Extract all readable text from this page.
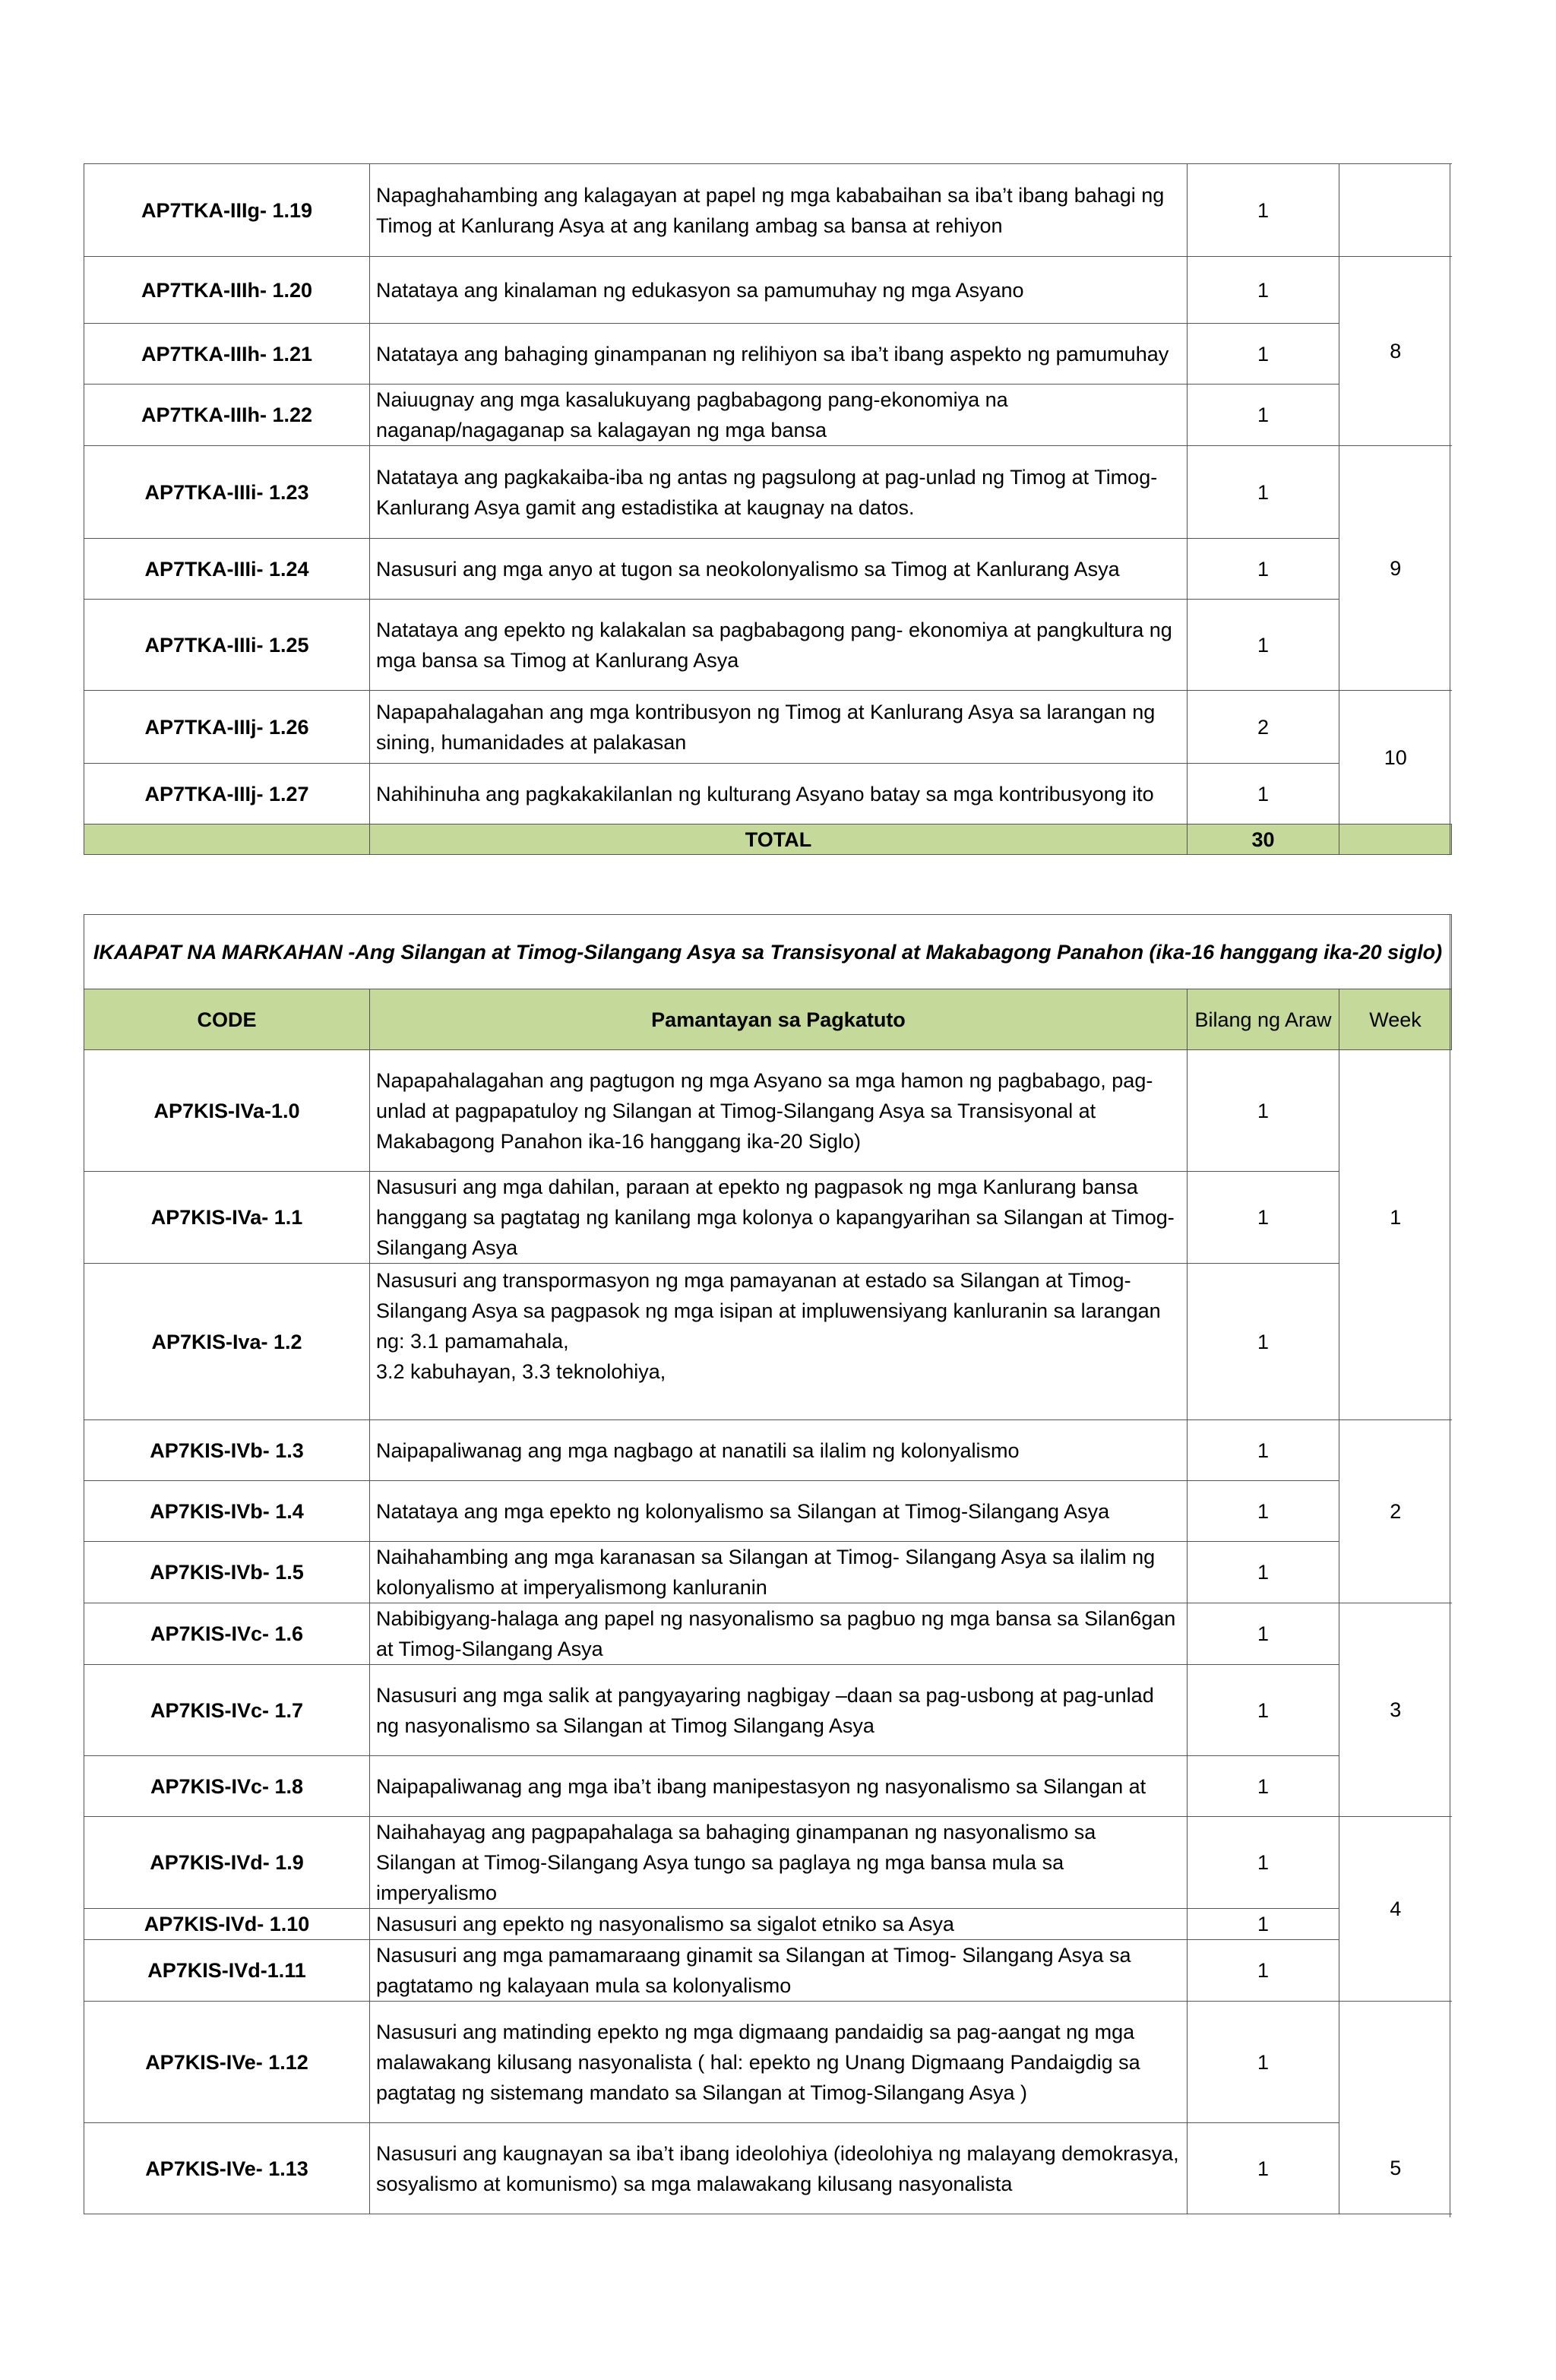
AP7TKA-IIIg- 1.19	Napaghahambing ang kalagayan at papel ng mga kababaihan sa iba’t ibang bahagi ng Timog at Kanlurang Asya at ang kanilang ambag sa bansa at rehiyon	1	
AP7TKA-IIIh- 1.20	Natataya ang kinalaman ng edukasyon sa pamumuhay ng mga Asyano	1	8
AP7TKA-IIIh- 1.21	Natataya ang bahaging ginampanan ng relihiyon sa iba’t ibang aspekto ng pamumuhay	1	
AP7TKA-IIIh- 1.22	Naiuugnay ang mga kasalukuyang pagbabagong pang-ekonomiya na naganap/nagaganap sa kalagayan ng mga bansa	1	
AP7TKA-IIIi- 1.23	Natataya ang pagkakaiba-iba ng antas ng pagsulong at pag-unlad ng Timog at Timog-Kanlurang Asya gamit ang estadistika at kaugnay na datos.	1	9
AP7TKA-IIIi- 1.24	Nasusuri ang mga anyo at tugon sa neokolonyalismo sa Timog at Kanlurang Asya	1	
AP7TKA-IIIi- 1.25	Natataya ang epekto ng kalakalan sa pagbabagong pang- ekonomiya at pangkultura ng mga bansa sa Timog at Kanlurang Asya	1	
AP7TKA-IIIj- 1.26	Napapahalagahan ang mga kontribusyon ng Timog at Kanlurang Asya sa larangan ng sining, humanidades at palakasan	2	10
AP7TKA-IIIj- 1.27	Nahihinuha ang pagkakakilanlan ng kulturang Asyano batay sa mga kontribusyong ito	1	
	TOTAL	30	
IKAAPAT NA MARKAHAN -Ang Silangan at Timog-Silangang Asya sa Transisyonal at Makabagong Panahon (ika-16 hanggang ika-20 siglo)			
CODE	Pamantayan sa Pagkatuto	Bilang ng Araw	Week
AP7KIS-IVa-1.0	Napapahalagahan ang pagtugon ng mga Asyano sa mga hamon ng pagbabago, pag-unlad at pagpapatuloy ng Silangan at Timog-Silangang Asya sa Transisyonal at Makabagong Panahon ika-16 hanggang ika-20 Siglo)	1	
AP7KIS-IVa- 1.1	Nasusuri ang mga dahilan, paraan at epekto ng pagpasok ng mga Kanlurang bansa hanggang sa pagtatag ng kanilang mga kolonya o kapangyarihan sa Silangan at Timog-Silangang Asya	1	1
AP7KIS-Iva- 1.2	Nasusuri ang transpormasyon ng mga pamayanan at estado sa Silangan at Timog-Silangang Asya sa pagpasok ng mga isipan at impluwensiyang kanluranin sa larangan ng: 3.1 pamamahala,
3.2 kabuhayan, 3.3 teknolohiya,	1	
AP7KIS-IVb- 1.3	Naipapaliwanag ang mga nagbago at nanatili sa ilalim ng kolonyalismo	1	2
AP7KIS-IVb- 1.4	Natataya ang mga epekto ng kolonyalismo sa Silangan at Timog-Silangang Asya	1	
AP7KIS-IVb- 1.5	Naihahambing ang mga karanasan sa Silangan at Timog- Silangang Asya sa ilalim ng kolonyalismo at imperyalismong kanluranin	1	
AP7KIS-IVc- 1.6	Nabibigyang-halaga ang papel ng nasyonalismo sa pagbuo ng mga bansa sa Silan6gan at Timog-Silangang Asya	1	3
AP7KIS-IVc- 1.7	Nasusuri ang mga salik at pangyayaring nagbigay –daan sa pag-usbong at pag-unlad ng nasyonalismo sa Silangan at Timog Silangang Asya	1	
AP7KIS-IVc- 1.8	Naipapaliwanag ang mga iba’t ibang manipestasyon ng nasyonalismo sa Silangan at	1	
AP7KIS-IVd- 1.9	Naihahayag ang pagpapahalaga sa bahaging ginampanan ng nasyonalismo sa Silangan at Timog-Silangang Asya tungo sa paglaya ng mga bansa mula sa imperyalismo	1	4
AP7KIS-IVd- 1.10	Nasusuri ang epekto ng nasyonalismo sa sigalot etniko sa Asya	1	
AP7KIS-IVd-1.11	Nasusuri ang mga pamamaraang ginamit sa Silangan at Timog- Silangang Asya sa pagtatamo ng kalayaan mula sa kolonyalismo	1	
AP7KIS-IVe- 1.12	Nasusuri ang matinding epekto ng mga digmaang pandaidig sa pag-aangat ng mga malawakang kilusang nasyonalista ( hal: epekto ng Unang Digmaang Pandaigdig sa pagtatag ng sistemang mandato sa Silangan at Timog-Silangang Asya )	1	5
AP7KIS-IVe- 1.13	Nasusuri ang kaugnayan sa iba’t ibang ideolohiya (ideolohiya ng malayang demokrasya, sosyalismo at komunismo) sa mga malawakang kilusang nasyonalista	1	
